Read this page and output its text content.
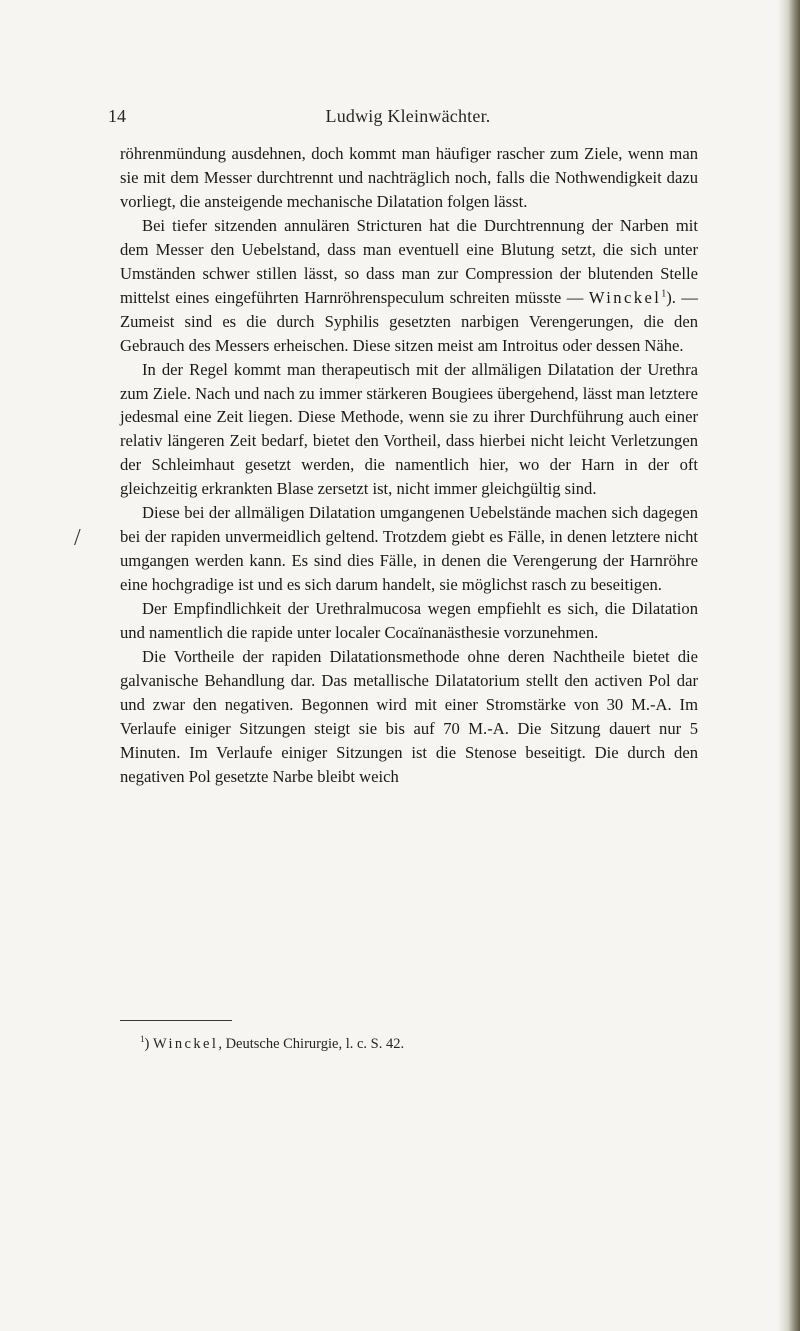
14	Ludwig Kleinwächter.
/

röhrenmündung ausdehnen, doch kommt man häufiger rascher zum Ziele, wenn man sie mit dem Messer durchtrennt und nachträglich noch, falls die Nothwendigkeit dazu vorliegt, die ansteigende mechanische Dilatation folgen lässt.

Bei tiefer sitzenden annulären Stricturen hat die Durchtrennung der Narben mit dem Messer den Uebelstand, dass man eventuell eine Blutung setzt, die sich unter Umständen schwer stillen lässt, so dass man zur Compression der blutenden Stelle mittelst eines eingeführten Harnröhrenspeculum schreiten müsste — Winckel$^1$). — Zumeist sind es die durch Syphilis gesetzten narbigen Verengerungen, die den Gebrauch des Messers erheischen. Diese sitzen meist am Introitus oder dessen Nähe.

In der Regel kommt man therapeutisch mit der allmäligen Dilatation der Urethra zum Ziele. Nach und nach zu immer stärkeren Bougiees übergehend, lässt man letztere jedesmal eine Zeit liegen. Diese Methode, wenn sie zu ihrer Durchführung auch einer relativ längeren Zeit bedarf, bietet den Vortheil, dass hierbei nicht leicht Verletzungen der Schleimhaut gesetzt werden, die namentlich hier, wo der Harn in der oft gleichzeitig erkrankten Blase zersetzt ist, nicht immer gleichgültig sind.

Diese bei der allmäligen Dilatation umgangenen Uebelstände machen sich dagegen bei der rapiden unvermeidlich geltend. Trotzdem giebt es Fälle, in denen letztere nicht umgangen werden kann. Es sind dies Fälle, in denen die Verengerung der Harnröhre eine hochgradige ist und es sich darum handelt, sie möglichst rasch zu beseitigen.

Der Empfindlichkeit der Urethralmucosa wegen empfiehlt es sich, die Dilatation und namentlich die rapide unter localer Cocaïnanästhesie vorzunehmen.

Die Vortheile der rapiden Dilatationsmethode ohne deren Nachtheile bietet die galvanische Behandlung dar. Das metallische Dilatatorium stellt den activen Pol dar und zwar den negativen. Begonnen wird mit einer Stromstärke von 30 M.-A. Im Verlaufe einiger Sitzungen steigt sie bis auf 70 M.-A. Die Sitzung dauert nur 5 Minuten. Im Verlaufe einiger Sitzungen ist die Stenose beseitigt. Die durch den negativen Pol gesetzte Narbe bleibt weich

$^1$) Winckel, Deutsche Chirurgie, l. c. S. 42.
